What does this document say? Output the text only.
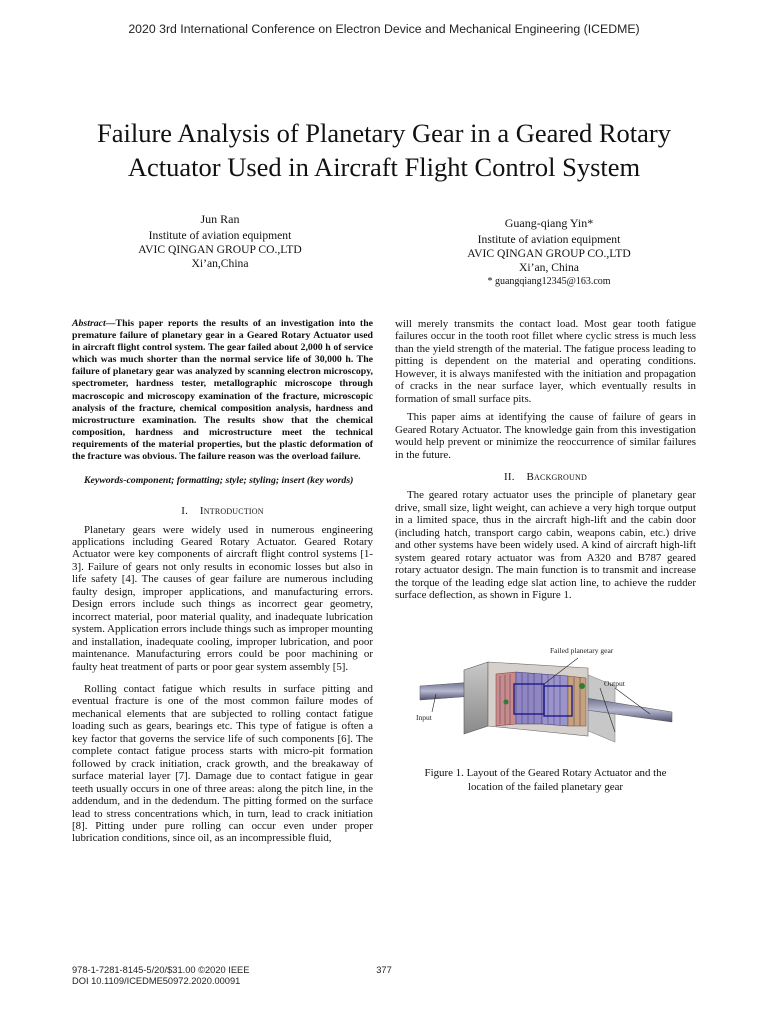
2020 3rd International Conference on Electron Device and Mechanical Engineering (ICEDME)
Failure Analysis of Planetary Gear in a Geared Rotary
Actuator Used in Aircraft Flight Control System
Jun Ran
Institute of aviation equipment
AVIC QINGAN GROUP CO.,LTD
Xi’an,China
Guang-qiang Yin*
Institute of aviation equipment
AVIC QINGAN GROUP CO.,LTD
Xi’an, China
* guangqiang12345@163.com

Abstract—This paper reports the results of an investigation into the premature failure of planetary gear in a Geared Rotary Actuator used in aircraft flight control system. The gear failed about 2,000 h of service which was much shorter than the normal service life of 30,000 h. The failure of planetary gear was analyzed by scanning electron microscopy, spectrometer, hardness tester, metallographic microscope through macroscopic and microscopy examination of the fracture, microscopic analysis of the fracture, chemical composition analysis, hardness and microstructure examination. The results show that the chemical composition, hardness and microstructure meet the technical requirements of the material properties, but the plastic deformation of the fracture was obvious. The failure reason was the overload failure.

Keywords-component; formatting; style; styling; insert (key words)

I. Introduction

Planetary gears were widely used in numerous engineering applications including Geared Rotary Actuator. Geared Rotary Actuator were key components of aircraft flight control systems [1-3]. Failure of gears not only results in economic losses but also in life safety [4]. The causes of gear failure are numerous including faulty design, improper applications, and manufacturing errors. Design errors include such things as incorrect gear geometry, incorrect material, poor material quality, and inadequate lubrication system. Application errors include things such as improper mounting and installation, inadequate cooling, improper lubrication, and poor maintenance. Manufacturing errors could be poor machining or faulty heat treatment of parts or poor gear system assembly [5].

Rolling contact fatigue which results in surface pitting and eventual fracture is one of the most common failure modes of mechanical elements that are subjected to rolling contact fatigue loading such as gears, bearings etc. This type of fatigue is often a key factor that governs the service life of such components [6]. The complete contact fatigue process starts with micro-pit formation followed by crack initiation, crack growth, and the breakaway of surface material layer [7]. Damage due to contact fatigue in gear teeth usually occurs in one of three areas: along the pitch line, in the addendum, and in the dedendum. The pitting formed on the surface lead to stress concentrations which, in turn, lead to crack initiation [8]. Pitting under pure rolling can occur even under proper lubrication conditions, since oil, as an incompressible fluid,

will merely transmits the contact load. Most gear tooth fatigue failures occur in the tooth root fillet where cyclic stress is much less than the yield strength of the material. The fatigue process leading to pitting is dependent on the material and operating conditions. However, it is always manifested with the initiation and propagation of cracks in the near surface layer, which eventually results in formation of small surface pits.

This paper aims at identifying the cause of failure of gears in Geared Rotary Actuator. The knowledge gain from this investigation would help prevent or minimize the reoccurrence of similar failures in the future.

II. Background

The geared rotary actuator uses the principle of planetary gear drive, small size, light weight, can achieve a very high torque output in a limited space, thus in the aircraft high-lift and the cabin door (including hatch, transport cargo cabin, weapons cabin, etc.) drive and other systems have been widely used. A kind of aircraft high-lift system geared rotary actuator was from A320 and B787 geared rotary actuator design. The main function is to transmit and increase the torque of the leading edge slat action line, to achieve the rudder surface deflection, as shown in Figure 1.

Failed planetary gear
Output
Input

Figure 1. Layout of the Geared Rotary Actuator and the

location of the failed planetary gear

978-1-7281-8145-5/20/$31.00 ©2020 IEEE
DOI 10.1109/ICEDME50972.2020.00091
377
